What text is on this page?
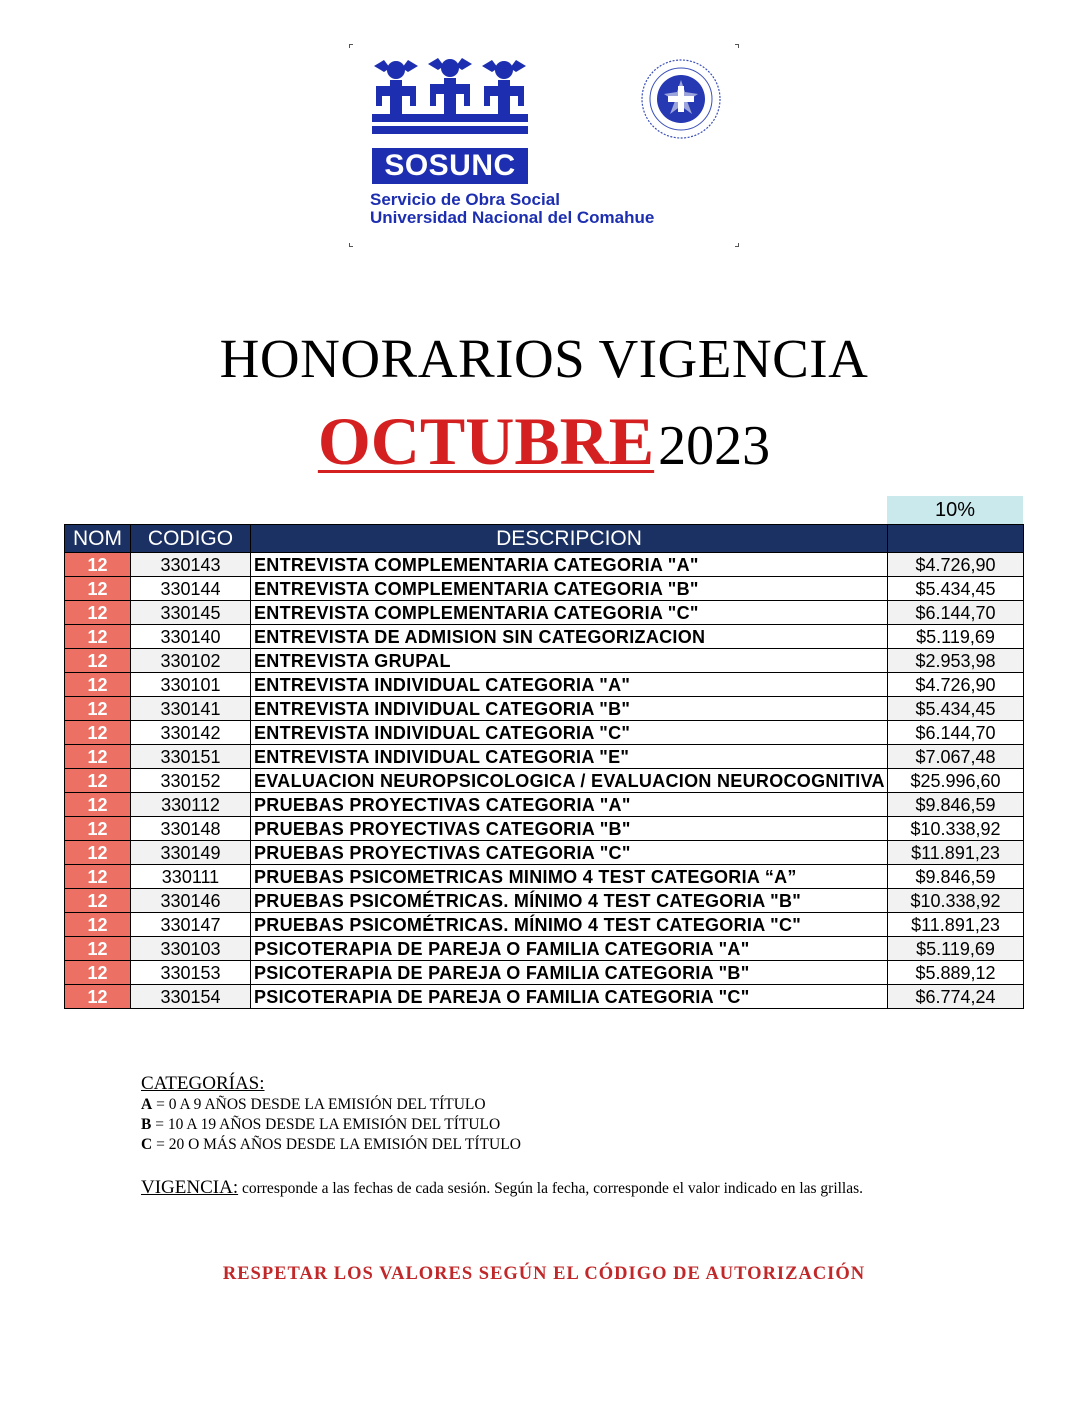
SOSUNC
Servicio de Obra Social
Universidad Nacional del Comahue
HONORARIOS VIGENCIA
OCTUBRE 2023
10%
NOM	CODIGO	DESCRIPCION	
12	330143	ENTREVISTA COMPLEMENTARIA CATEGORIA "A"	$4.726,90
12	330144	ENTREVISTA COMPLEMENTARIA CATEGORIA "B"	$5.434,45
12	330145	ENTREVISTA COMPLEMENTARIA CATEGORIA "C"	$6.144,70
12	330140	ENTREVISTA DE ADMISION SIN CATEGORIZACION	$5.119,69
12	330102	ENTREVISTA GRUPAL	$2.953,98
12	330101	ENTREVISTA INDIVIDUAL CATEGORIA "A"	$4.726,90
12	330141	ENTREVISTA INDIVIDUAL CATEGORIA "B"	$5.434,45
12	330142	ENTREVISTA INDIVIDUAL CATEGORIA "C"	$6.144,70
12	330151	ENTREVISTA INDIVIDUAL CATEGORIA "E"	$7.067,48
12	330152	EVALUACION NEUROPSICOLOGICA / EVALUACION NEUROCOGNITIVA	$25.996,60
12	330112	PRUEBAS PROYECTIVAS CATEGORIA "A"	$9.846,59
12	330148	PRUEBAS PROYECTIVAS CATEGORIA "B"	$10.338,92
12	330149	PRUEBAS PROYECTIVAS CATEGORIA "C"	$11.891,23
12	330111	PRUEBAS PSICOMETRICAS MINIMO 4 TEST CATEGORIA “A”	$9.846,59
12	330146	PRUEBAS PSICOMÉTRICAS. MÍNIMO 4 TEST CATEGORIA "B"	$10.338,92
12	330147	PRUEBAS PSICOMÉTRICAS. MÍNIMO 4 TEST CATEGORIA "C"	$11.891,23
12	330103	PSICOTERAPIA DE PAREJA O FAMILIA CATEGORIA "A"	$5.119,69
12	330153	PSICOTERAPIA DE PAREJA O FAMILIA CATEGORIA "B"	$5.889,12
12	330154	PSICOTERAPIA DE PAREJA O FAMILIA CATEGORIA "C"	$6.774,24
CATEGORÍAS:
A = 0 A 9 AÑOS DESDE LA EMISIÓN DEL TÍTULO
B = 10 A 19 AÑOS DESDE LA EMISIÓN DEL TÍTULO
C = 20 O MÁS AÑOS DESDE LA EMISIÓN DEL TÍTULO
VIGENCIA: corresponde a las fechas de cada sesión. Según la fecha, corresponde el valor indicado en las grillas.
RESPETAR LOS VALORES SEGÚN EL CÓDIGO DE AUTORIZACIÓN
